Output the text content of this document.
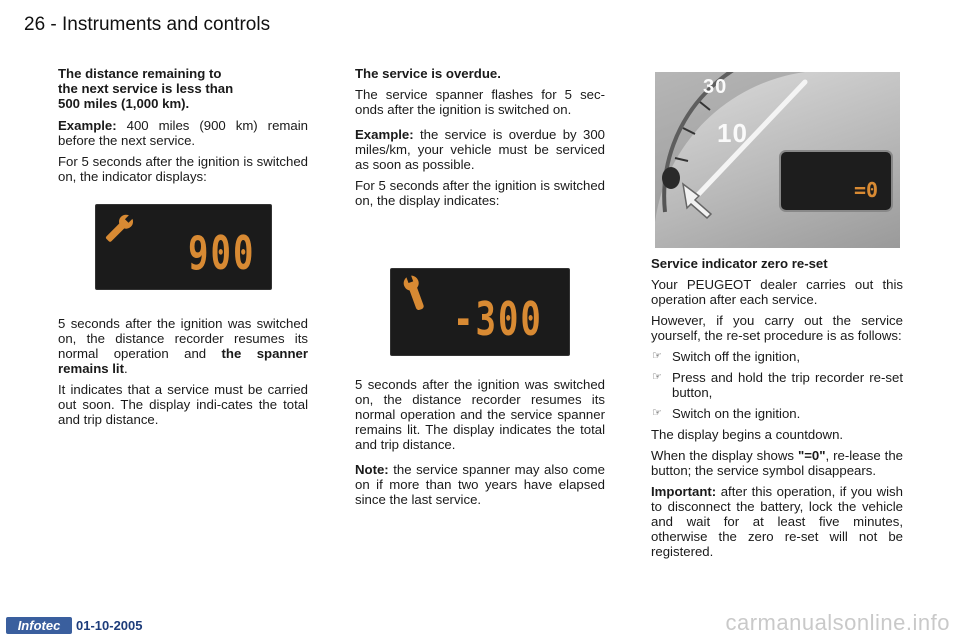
26 - Instruments and controls
The distance remaining to
the next service is less than
500 miles (1,000 km).

Example: 400 miles (900 km) remain before the next service.

For 5 seconds after the ignition is switched on, the indicator displays:

900

5 seconds after the ignition was switched on, the distance recorder resumes its normal operation and the spanner remains lit.

It indicates that a service must be carried out soon. The display indi-cates the total and trip distance.

The service is overdue.

The service spanner flashes for 5 sec-onds after the ignition is switched on.

Example: the service is overdue by 300 miles/km, your vehicle must be serviced as soon as possible.

For 5 seconds after the ignition is switched on, the display indicates:

-300

5 seconds after the ignition was switched on, the distance recorder resumes its normal operation and the service spanner remains lit. The display indicates the total and trip distance.

Note: the service spanner may also come on if more than two years have elapsed since the last service.

30
10
=0

Service indicator zero re-set

Your PEUGEOT dealer carries out this operation after each service.

However, if you carry out the service yourself, the re-set procedure is as follows:

☞ Switch off the ignition,
☞ Press and hold the trip recorder re-set button,
☞ Switch on the ignition.

The display begins a countdown.

When the display shows "=0", re-lease the button; the service symbol disappears.

Important: after this operation, if you wish to disconnect the battery, lock the vehicle and wait for at least five minutes, otherwise the zero re-set will not be registered.

Infotec	01-10-2005	carmanualsonline.info
